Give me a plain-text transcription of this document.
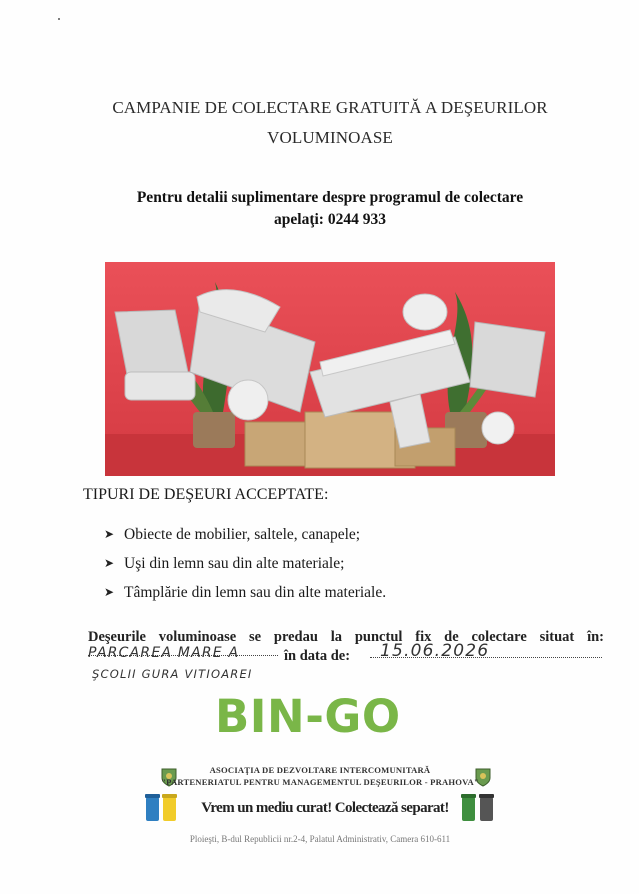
CAMPANIE DE COLECTARE GRATUITĂ A DEŞEURILOR
VOLUMINOASE
Pentru detalii suplimentare despre programul de colectare
apelaţi: 0244 933
TIPURI DE DEŞEURI ACCEPTATE:
➤ Obiecte de mobilier, saltele, canapele;
➤ Uşi din lemn sau din alte materiale;
➤ Tâmplărie din lemn sau din alte materiale.
Deşeurile voluminoase se predau la punctul fix de colectare situat în:
PARCAREA MARE A	în data de: 15.06.2026
ŞCOLII GURA VITIOAREI
BIN-GO
ASOCIAŢIA DE DEZVOLTARE INTERCOMUNITARĂ
"PARTENERIATUL PENTRU MANAGEMENTUL DEŞEURILOR - PRAHOVA"
Vrem un mediu curat! Colectează separat!
Ploieşti, B-dul Republicii nr.2-4, Palatul Administrativ, Camera 610-611
